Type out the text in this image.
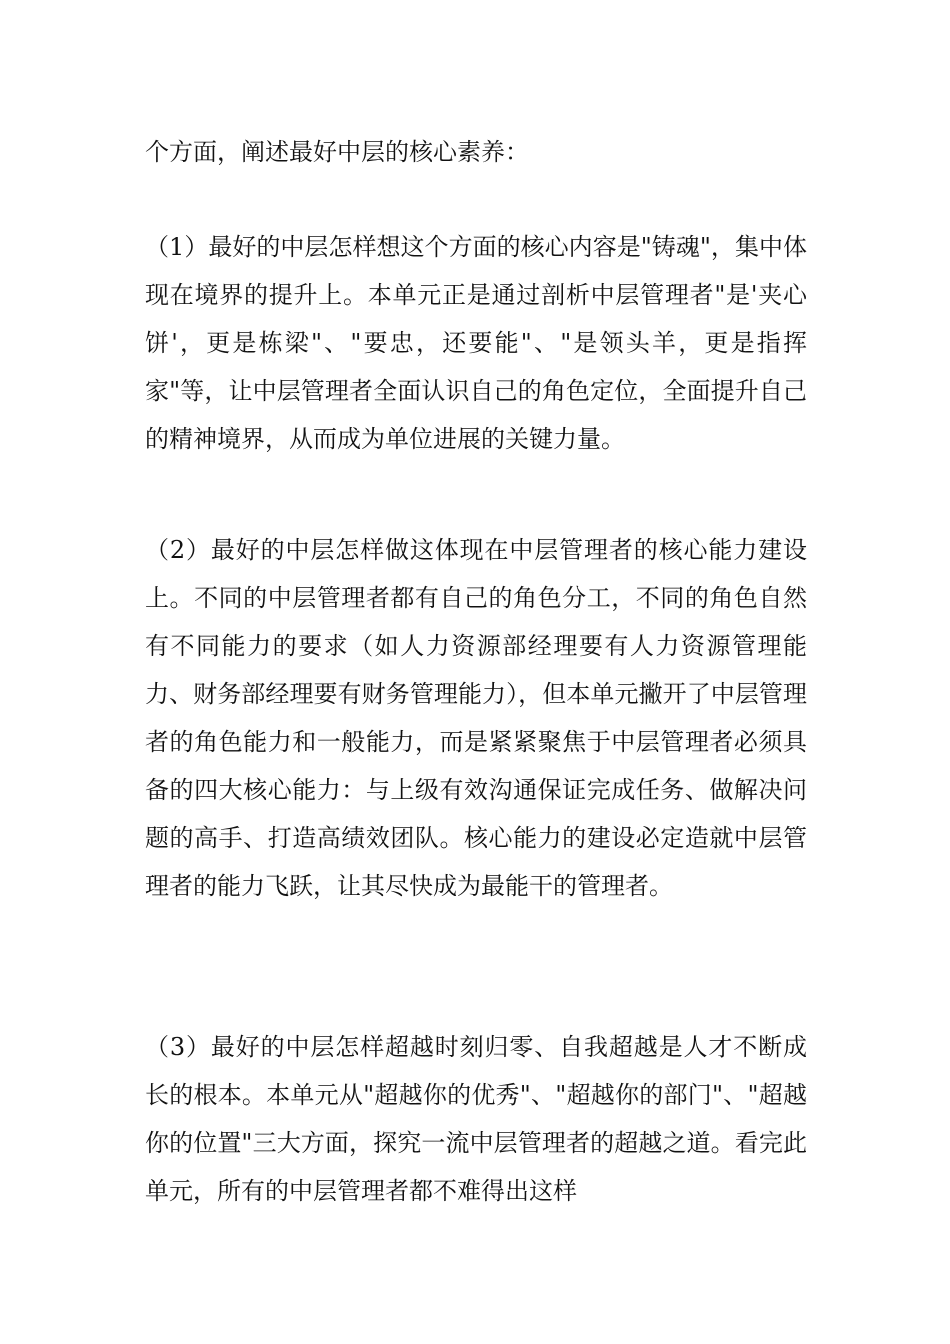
个方面，阐述最好中层的核心素养：

（1）最好的中层怎样想这个方面的核心内容是"铸魂"，集中体现在境界的提升上。本单元正是通过剖析中层管理者"是'夹心饼'，更是栋梁"、"要忠，还要能"、"是领头羊，更是指挥家"等，让中层管理者全面认识自己的角色定位，全面提升自己的精神境界，从而成为单位进展的关键力量。

（2）最好的中层怎样做这体现在中层管理者的核心能力建设上。不同的中层管理者都有自己的角色分工，不同的角色自然有不同能力的要求（如人力资源部经理要有人力资源管理能力、财务部经理要有财务管理能力），但本单元撇开了中层管理者的角色能力和一般能力，而是紧紧聚焦于中层管理者必须具备的四大核心能力：与上级有效沟通保证完成任务、做解决问题的高手、打造高绩效团队。核心能力的建设必定造就中层管理者的能力飞跃，让其尽快成为最能干的管理者。

（3）最好的中层怎样超越时刻归零、自我超越是人才不断成长的根本。本单元从"超越你的优秀"、"超越你的部门"、"超越你的位置"三大方面，探究一流中层管理者的超越之道。看完此单元，所有的中层管理者都不难得出这样
